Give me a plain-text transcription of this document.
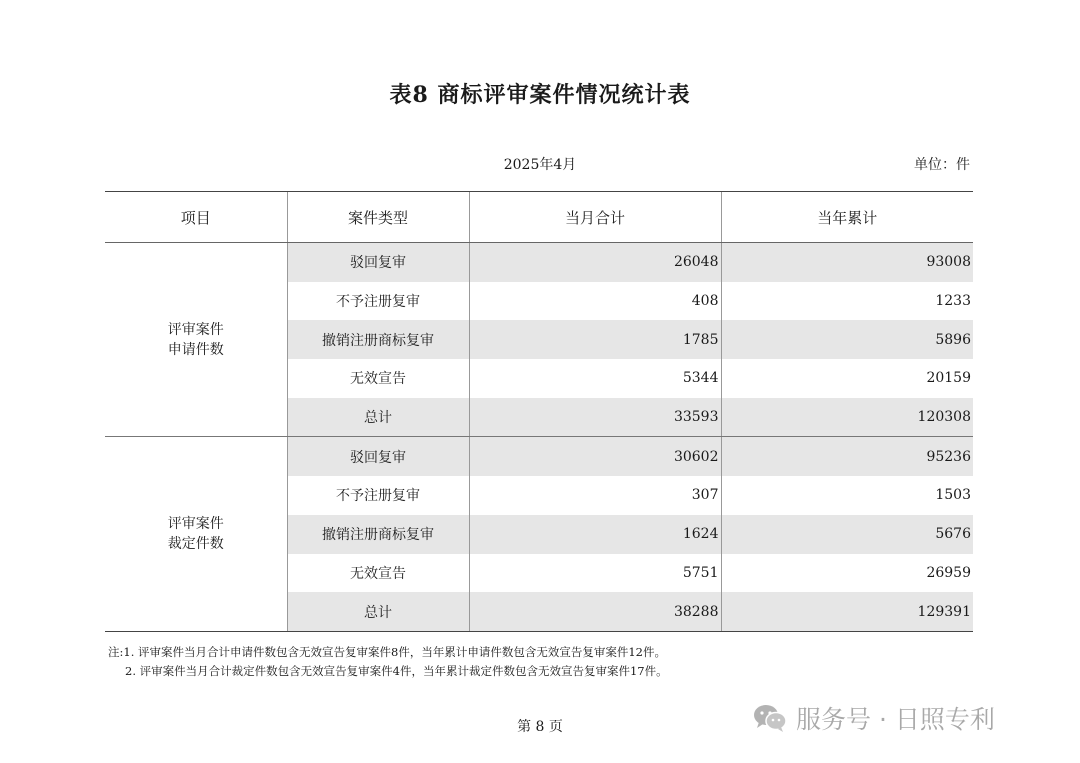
表8 商标评审案件情况统计表
2025年4月	单位：件
项目	案件类型	当月合计	当年累计

评审案件
申请件数	驳回复审	26048	93008
	不予注册复审	408	1233
	撤销注册商标复审	1785	5896
	无效宣告	5344	20159
	总计	33593	120308

评审案件
裁定件数	驳回复审	30602	95236
	不予注册复审	307	1503
	撤销注册商标复审	1624	5676
	无效宣告	5751	26959
	总计	38288	129391
注:1. 评审案件当月合计申请件数包含无效宣告复审案件8件，当年累计申请件数包含无效宣告复审案件12件。
2. 评审案件当月合计裁定件数包含无效宣告复审案件4件，当年累计裁定件数包含无效宣告复审案件17件。
第 8 页	服务号 · 日照专利
